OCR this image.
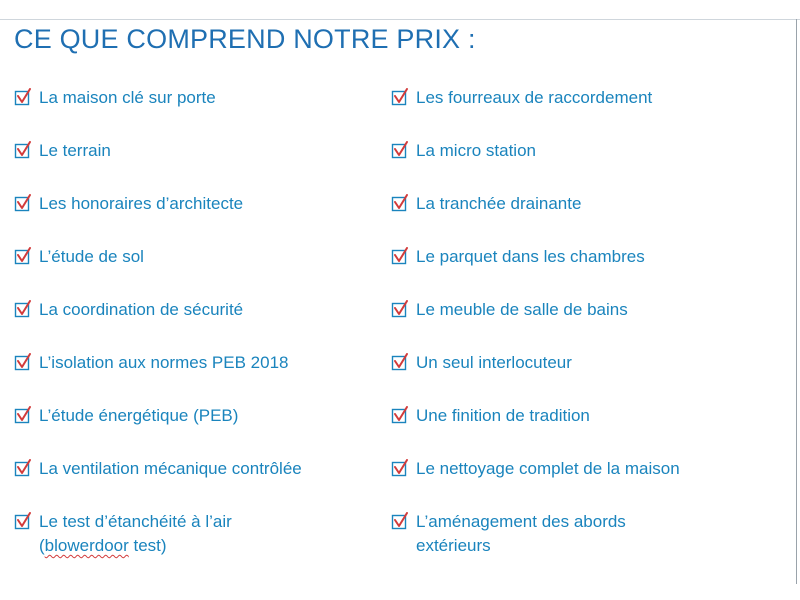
CE QUE COMPREND NOTRE PRIX :
La maison clé sur porte
Le terrain
Les honoraires d’architecte
L’étude de sol
La coordination de sécurité
L’isolation aux normes PEB 2018
L’étude énergétique (PEB)
La ventilation mécanique contrôlée
Le test d’étanchéité à l’air
(blowerdoor test)
Les fourreaux de raccordement
La micro station
La tranchée drainante
Le parquet dans les chambres
Le meuble de salle de bains
Un seul interlocuteur
Une finition de tradition
Le nettoyage complet de la maison
L’aménagement des abords
extérieurs
